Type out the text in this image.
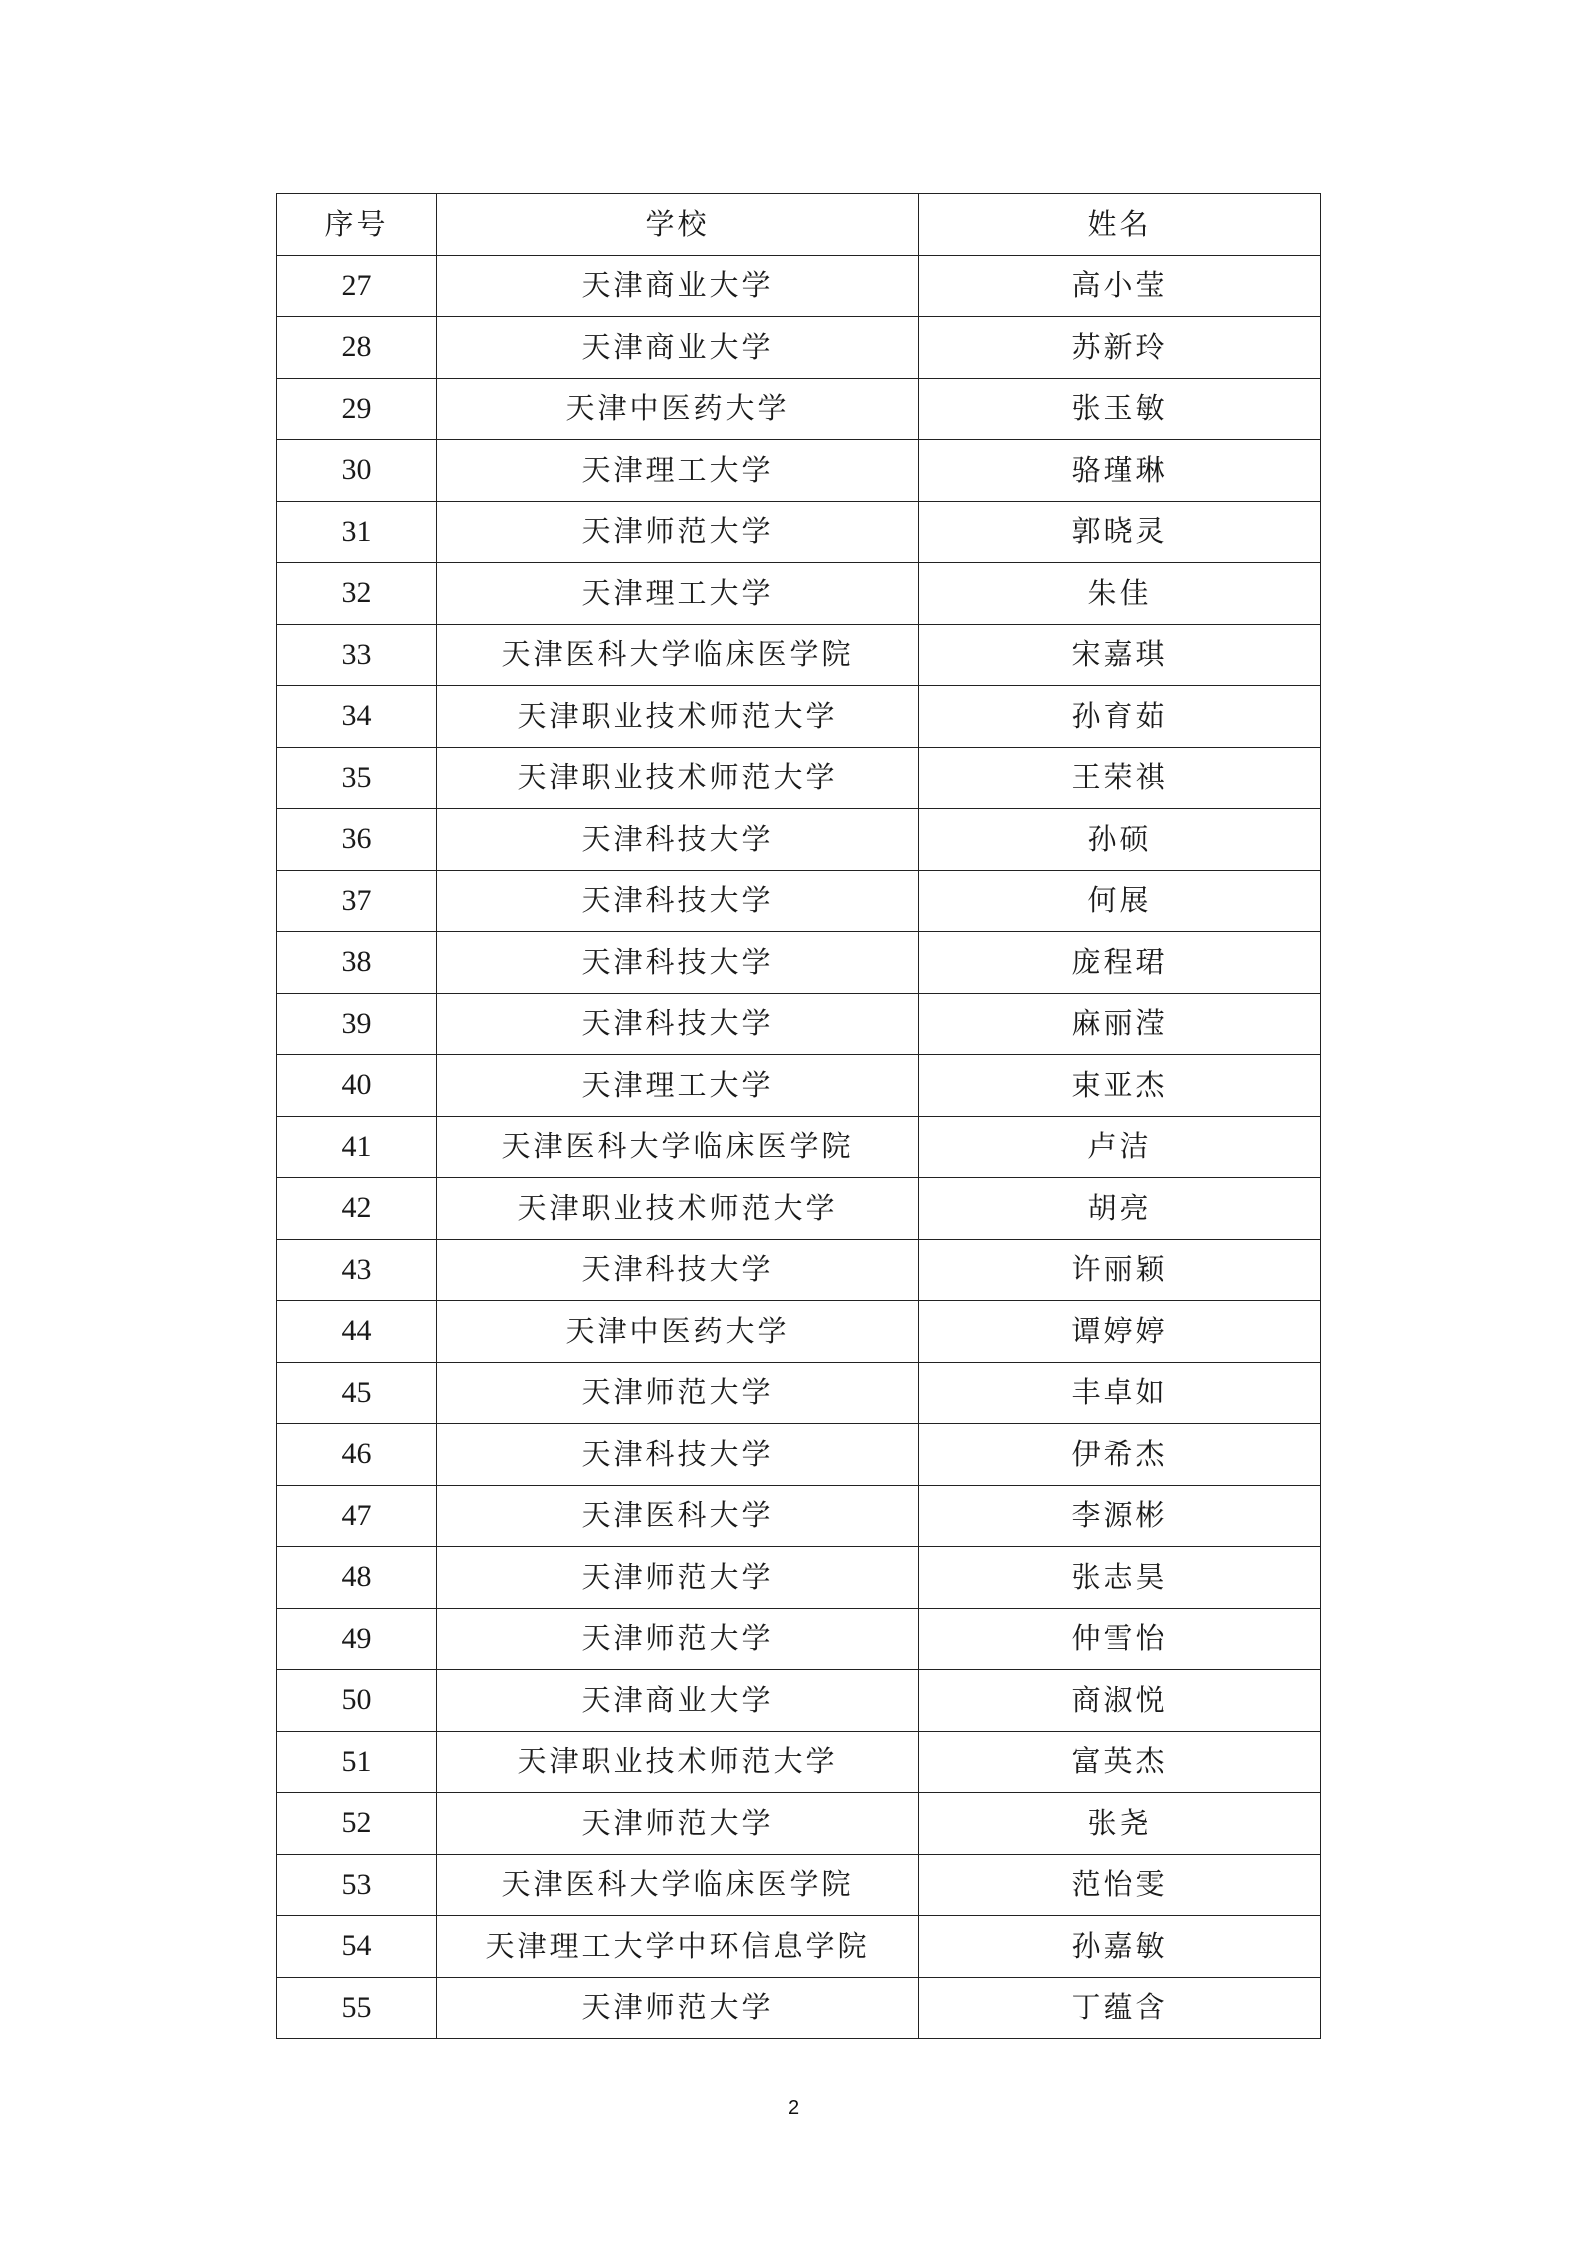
序号	学校	姓名
27	天津商业大学	高小莹
28	天津商业大学	苏新玲
29	天津中医药大学	张玉敏
30	天津理工大学	骆瑾琳
31	天津师范大学	郭晓灵
32	天津理工大学	朱佳
33	天津医科大学临床医学院	宋嘉琪
34	天津职业技术师范大学	孙育茹
35	天津职业技术师范大学	王荣祺
36	天津科技大学	孙硕
37	天津科技大学	何展
38	天津科技大学	庞程珺
39	天津科技大学	麻丽滢
40	天津理工大学	束亚杰
41	天津医科大学临床医学院	卢洁
42	天津职业技术师范大学	胡亮
43	天津科技大学	许丽颖
44	天津中医药大学	谭婷婷
45	天津师范大学	丰卓如
46	天津科技大学	伊希杰
47	天津医科大学	李源彬
48	天津师范大学	张志昊
49	天津师范大学	仲雪怡
50	天津商业大学	商淑悦
51	天津职业技术师范大学	富英杰
52	天津师范大学	张尧
53	天津医科大学临床医学院	范怡雯
54	天津理工大学中环信息学院	孙嘉敏
55	天津师范大学	丁蕴含
2
